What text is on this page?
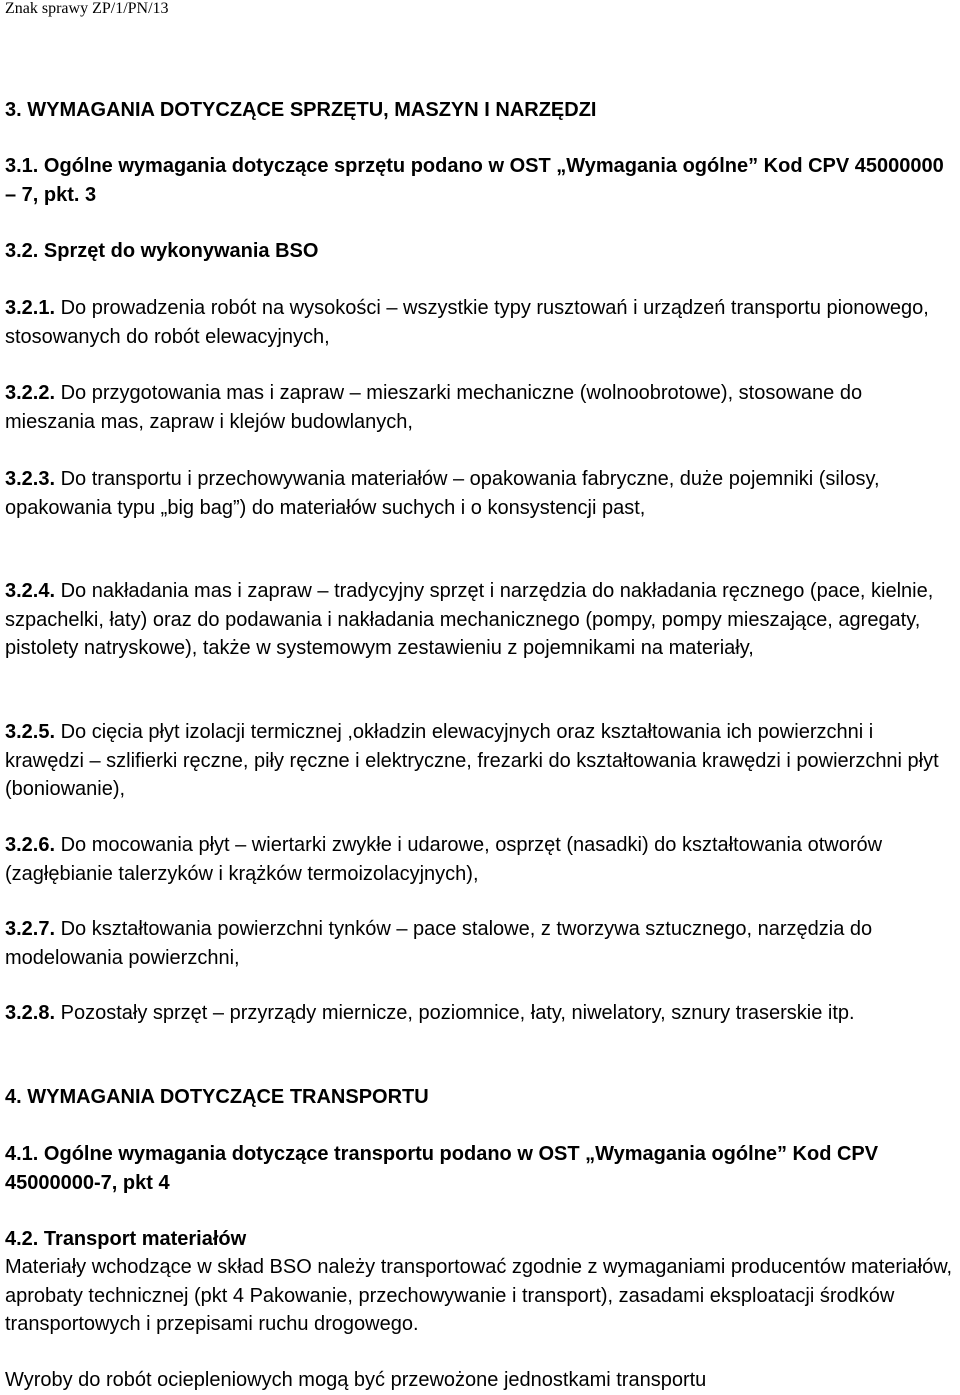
Znak sprawy ZP/1/PN/13
3. WYMAGANIA DOTYCZĄCE SPRZĘTU, MASZYN I NARZĘDZI

3.1. Ogólne wymagania dotyczące sprzętu podano w OST „Wymagania ogólne” Kod CPV 45000000 – 7, pkt. 3

3.2. Sprzęt do wykonywania BSO

3.2.1. Do prowadzenia robót na wysokości – wszystkie typy rusztowań i urządzeń transportu pionowego, stosowanych do robót elewacyjnych,

3.2.2. Do przygotowania mas i zapraw – mieszarki mechaniczne (wolnoobrotowe), stosowane do mieszania mas, zapraw i klejów budowlanych,

3.2.3. Do transportu i przechowywania materiałów – opakowania fabryczne, duże pojemniki (silosy, opakowania typu „big bag”) do materiałów suchych i o konsystencji past,

3.2.4. Do nakładania mas i zapraw – tradycyjny sprzęt i narzędzia do nakładania ręcznego (pace, kielnie, szpachelki, łaty) oraz do podawania i nakładania mechanicznego (pompy, pompy mieszające, agregaty, pistolety natryskowe), także w systemowym zestawieniu z pojemnikami na materiały,

3.2.5. Do cięcia płyt izolacji termicznej ,okładzin elewacyjnych oraz kształtowania ich powierzchni i krawędzi – szlifierki ręczne, piły ręczne i elektryczne, frezarki do kształtowania krawędzi i powierzchni płyt (boniowanie),

3.2.6. Do mocowania płyt – wiertarki zwykłe i udarowe, osprzęt (nasadki) do kształtowania otworów (zagłębianie talerzyków i krążków termoizolacyjnych),

3.2.7. Do kształtowania powierzchni tynków – pace stalowe, z tworzywa sztucznego, narzędzia do modelowania powierzchni,

3.2.8. Pozostały sprzęt – przyrządy miernicze, poziomnice, łaty, niwelatory, sznury traserskie itp.

4. WYMAGANIA DOTYCZĄCE TRANSPORTU

4.1. Ogólne wymagania dotyczące transportu podano w OST „Wymagania ogólne” Kod CPV 45000000-7, pkt 4

4.2. Transport materiałów

Materiały wchodzące w skład BSO należy transportować zgodnie z wymaganiami producentów materiałów, aprobaty technicznej (pkt 4 Pakowanie, przechowywanie i transport), zasadami eksploatacji środków transportowych i przepisami ruchu drogowego.

Wyroby do robót ociepleniowych mogą być przewożone jednostkami transportu
